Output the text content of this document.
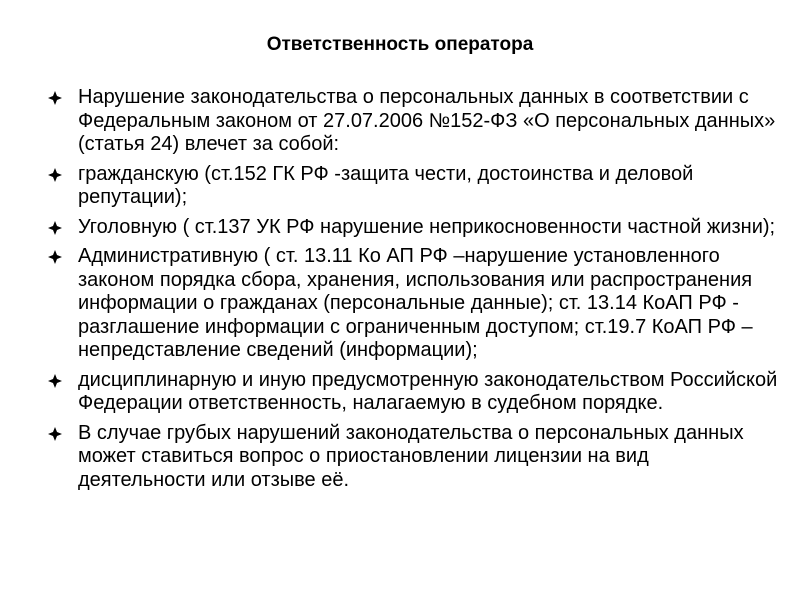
Ответственность оператора
Нарушение законодательства о персональных данных в соответствии с Федеральным законом от 27.07.2006 №152-ФЗ «О персональных данных» (статья 24) влечет за собой:
гражданскую (ст.152 ГК РФ -защита чести, достоинства и деловой репутации);
Уголовную ( ст.137 УК РФ нарушение неприкосновенности частной жизни);
Административную ( ст. 13.11 Ко АП РФ –нарушение установленного законом порядка сбора, хранения, использования или распространения информации о гражданах (персональные данные); ст. 13.14 КоАП РФ - разглашение информации с ограниченным доступом; ст.19.7 КоАП РФ – непредставление сведений (информации);
дисциплинарную и иную предусмотренную законодательством Российской Федерации ответственность, налагаемую в судебном порядке.
В случае грубых нарушений законодательства о персональных данных может ставиться вопрос о приостановлении лицензии на вид деятельности или отзыве её.
